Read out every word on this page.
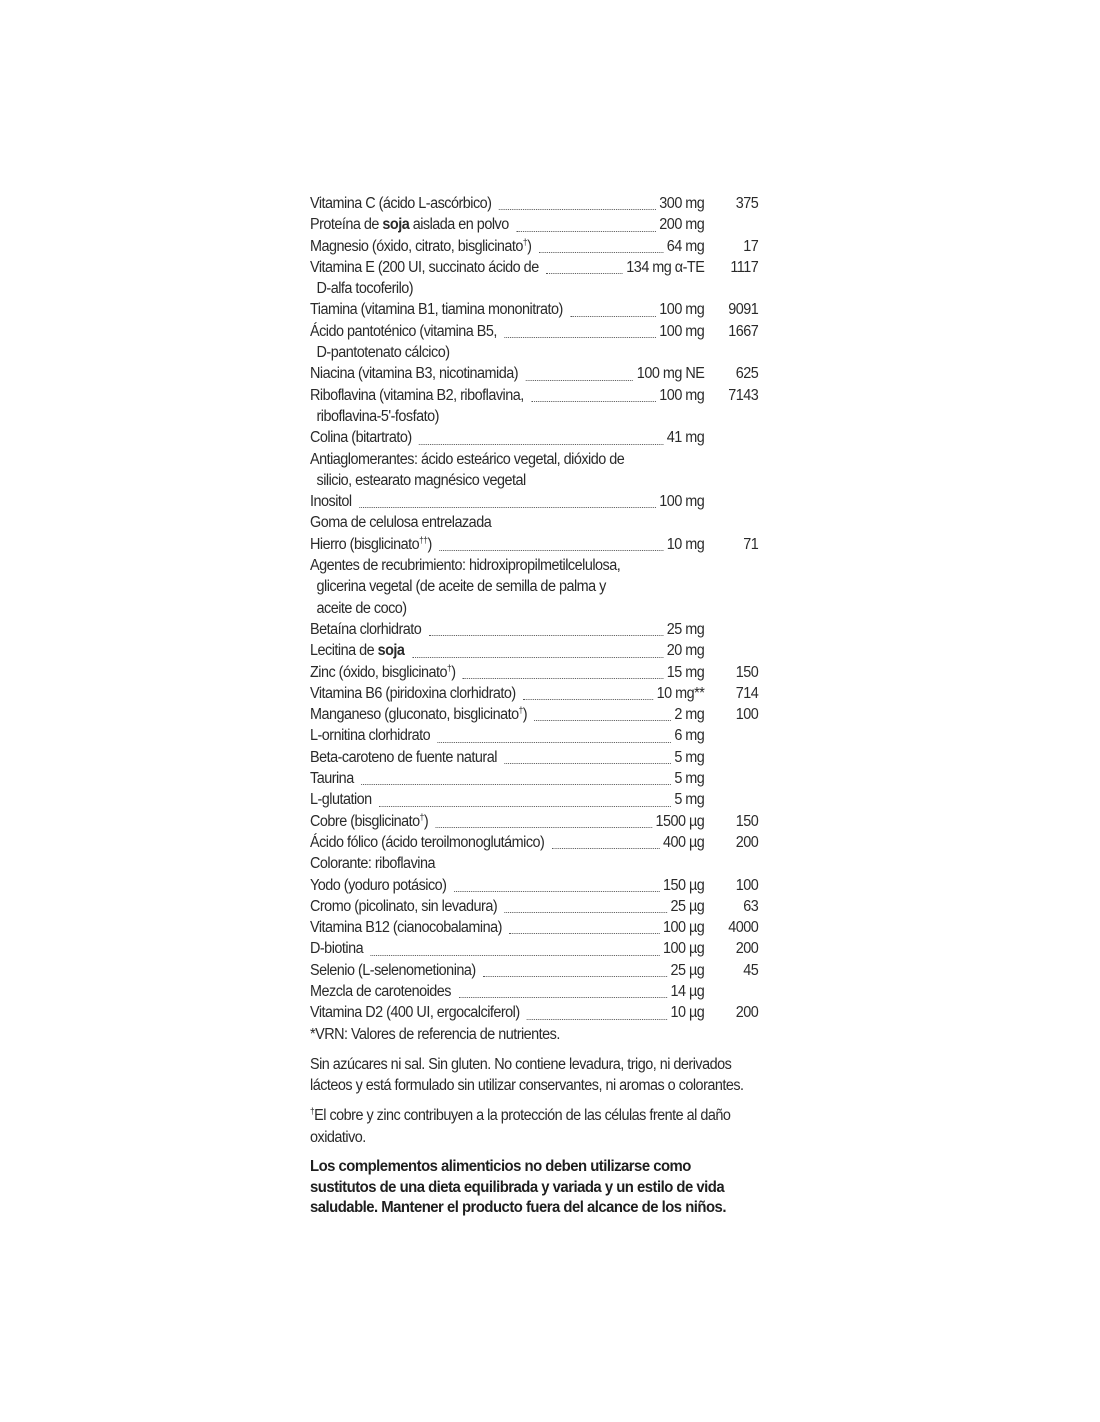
Vitamina C (ácido L-ascórbico)	300 mg	375
Proteína de soja aislada en polvo	200 mg
Magnesio (óxido, citrato, bisglicinato†)	64 mg	17
Vitamina E (200 UI, succinato ácido de	134 mg α-TE	1117
D-alfa tocoferilo)
Tiamina (vitamina B1, tiamina mononitrato)	100 mg	9091
Ácido pantoténico (vitamina B5,	100 mg	1667
D-pantotenato cálcico)
Niacina (vitamina B3, nicotinamida)	100 mg NE	625
Riboflavina (vitamina B2, riboflavina,	100 mg	7143
riboflavina-5'-fosfato)
Colina (bitartrato)	41 mg
Antiaglomerantes: ácido esteárico vegetal, dióxido de
silicio, estearato magnésico vegetal
Inositol	100 mg
Goma de celulosa entrelazada
Hierro (bisglicinato††)	10 mg	71
Agentes de recubrimiento: hidroxipropilmetilcelulosa,
glicerina vegetal (de aceite de semilla de palma y
aceite de coco)
Betaína clorhidrato	25 mg
Lecitina de soja	20 mg
Zinc (óxido, bisglicinato†)	15 mg	150
Vitamina B6 (piridoxina clorhidrato)	10 mg**	714
Manganeso (gluconato, bisglicinato†)	2 mg	100
L-ornitina clorhidrato	6 mg
Beta-caroteno de fuente natural	5 mg
Taurina	5 mg
L-glutation	5 mg
Cobre (bisglicinato†)	1500 µg	150
Ácido fólico (ácido teroilmonoglutámico)	400 µg	200
Colorante: riboflavina
Yodo (yoduro potásico)	150 µg	100
Cromo (picolinato, sin levadura)	25 µg	63
Vitamina B12 (cianocobalamina)	100 µg	4000
D-biotina	100 µg	200
Selenio (L-selenometionina)	25 µg	45
Mezcla de carotenoides	14 µg
Vitamina D2 (400 UI, ergocalciferol)	10 µg	200
*VRN: Valores de referencia de nutrientes.
Sin azúcares ni sal. Sin gluten. No contiene levadura, trigo, ni derivados lácteos y está formulado sin utilizar conservantes, ni aromas o colorantes.
†El cobre y zinc contribuyen a la protección de las células frente al daño oxidativo.
Los complementos alimenticios no deben utilizarse como sustitutos de una dieta equilibrada y variada y un estilo de vida saludable. Mantener el producto fuera del alcance de los niños.
